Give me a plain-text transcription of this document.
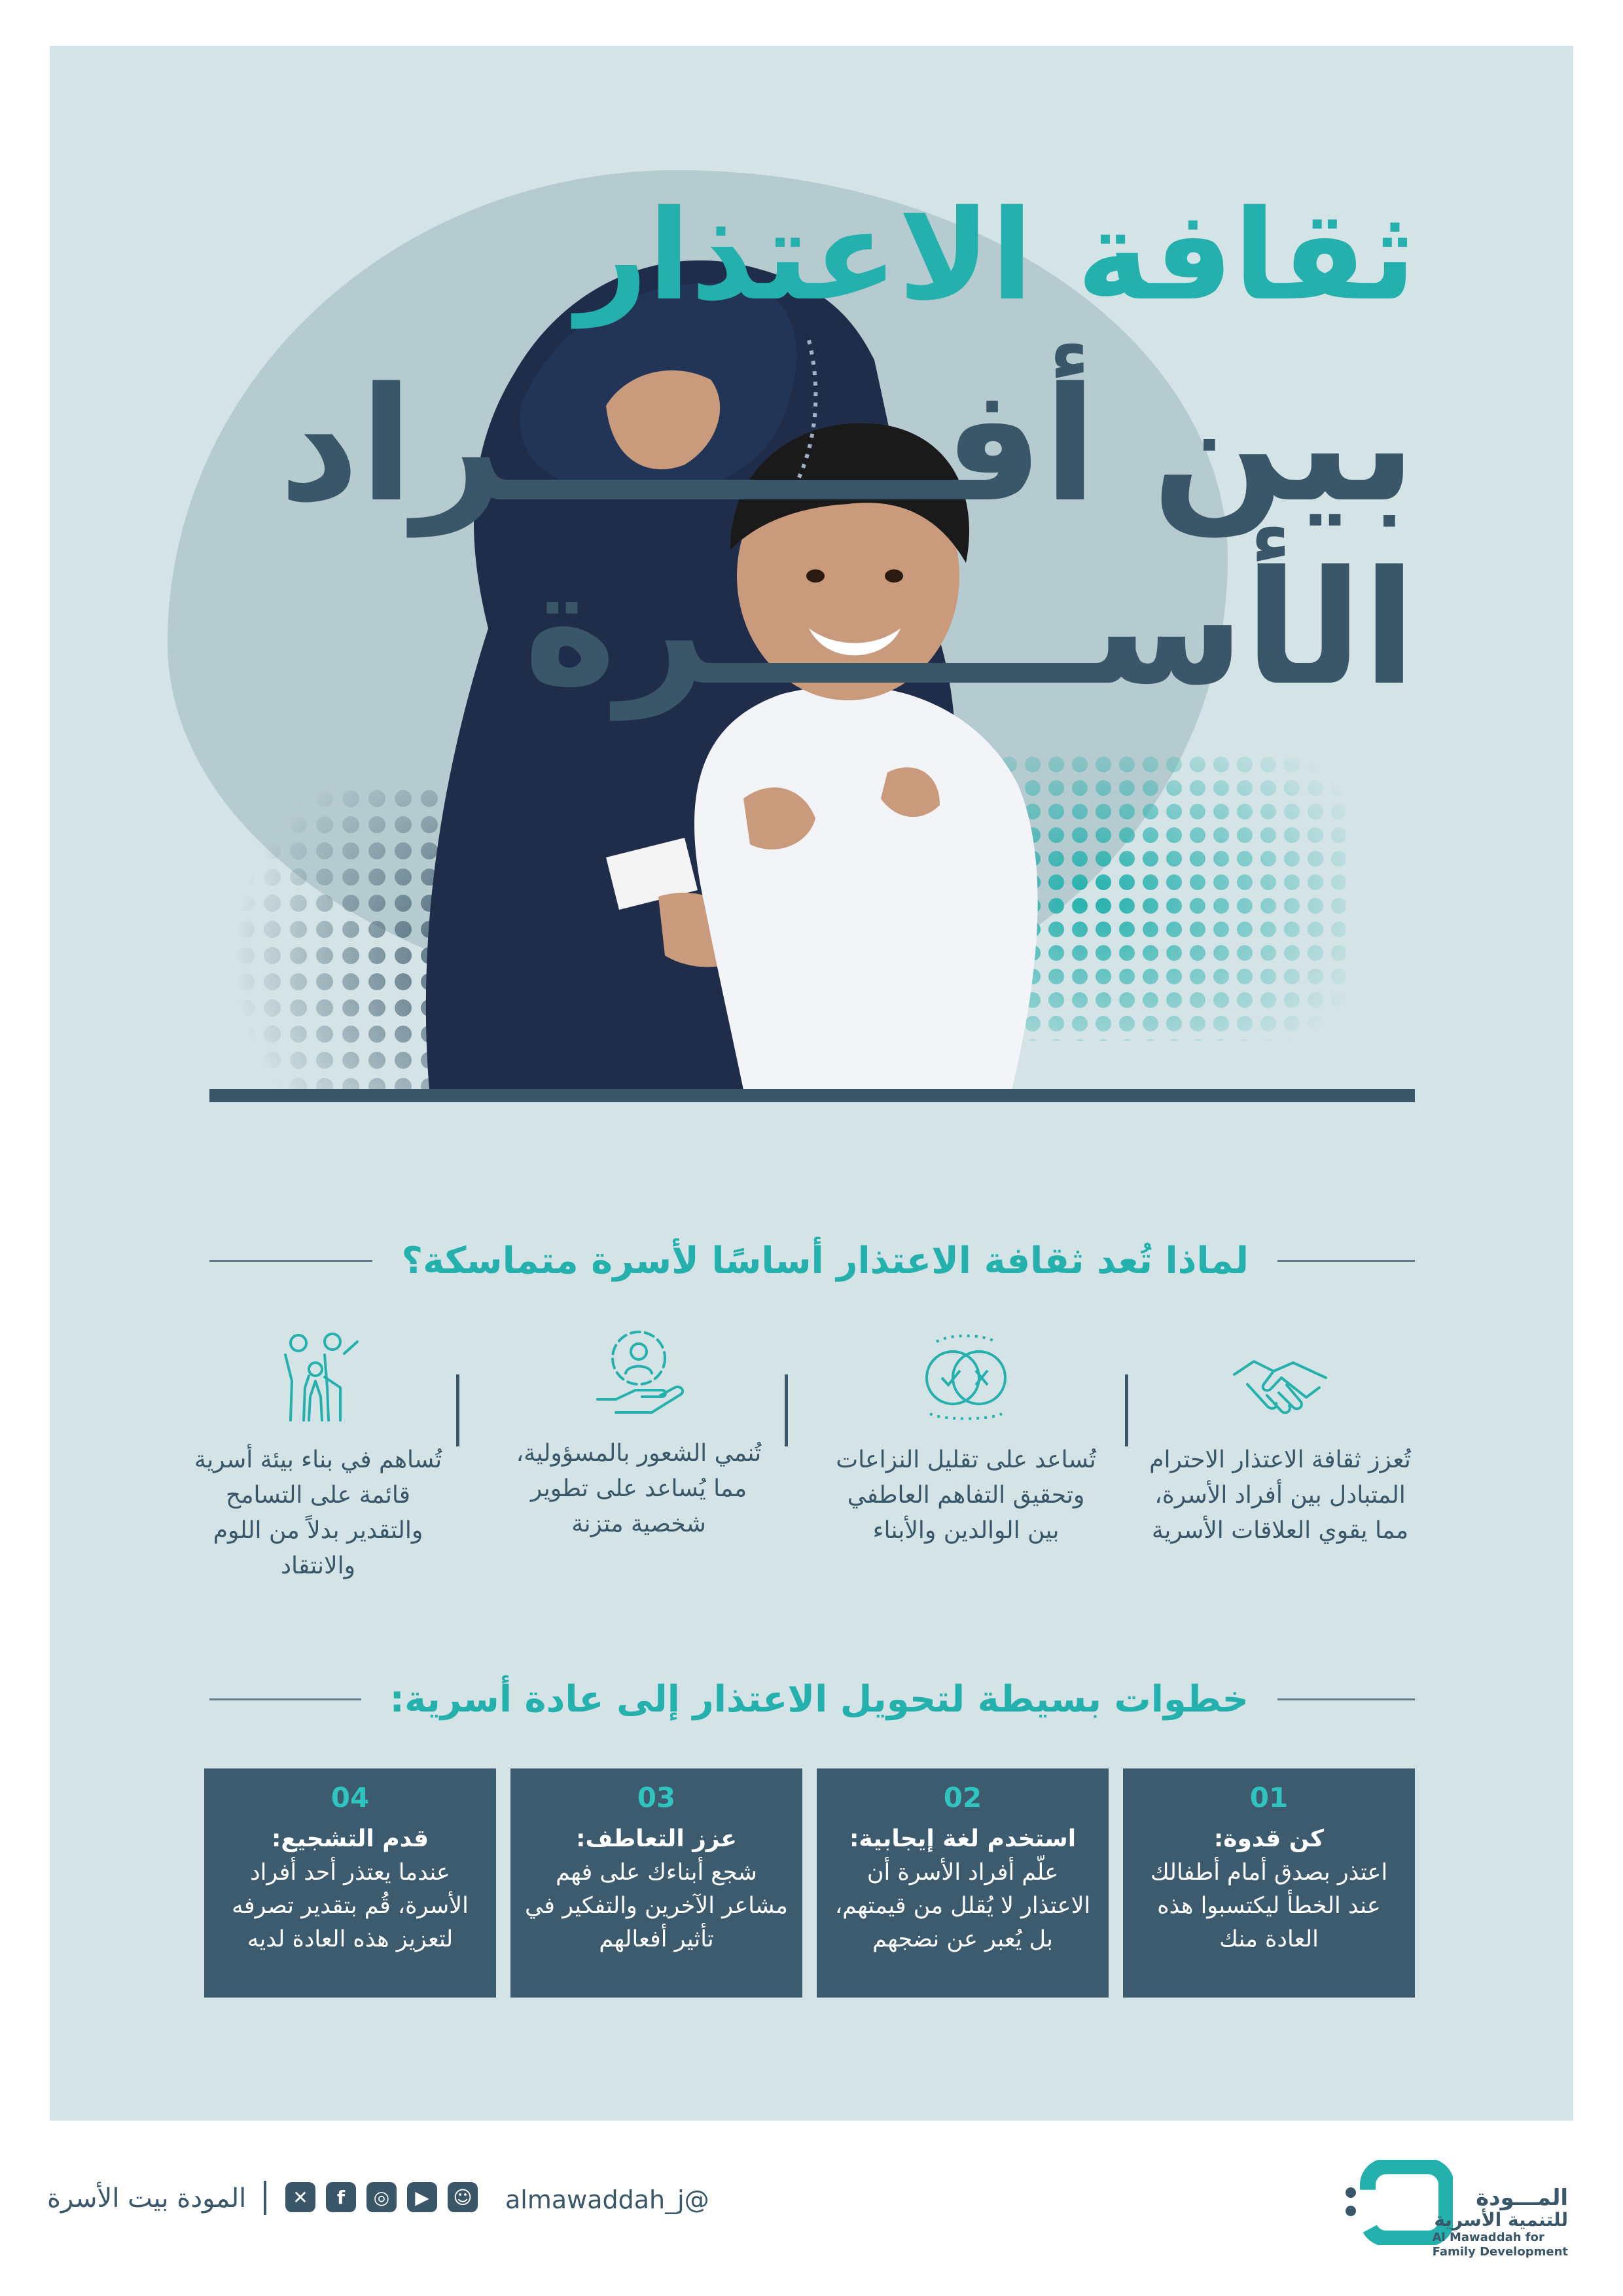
ثقافة الاعتذار
بين أفــــــــراد
الأســـــــرة
لماذا تُعد ثقافة الاعتذار أساسًا لأسرة متماسكة؟
تُعزز ثقافة الاعتذار الاحترام المتبادل بين أفراد الأسرة، مما يقوي العلاقات الأسرية
تُساعد على تقليل النزاعات وتحقيق التفاهم العاطفي بين الوالدين والأبناء
تُنمي الشعور بالمسؤولية، مما يُساعد على تطوير شخصية متزنة
تُساهم في بناء بيئة أسرية قائمة على التسامح والتقدير بدلاً من اللوم والانتقاد
خطوات بسيطة لتحويل الاعتذار إلى عادة أسرية:
01
كن قدوة:
اعتذر بصدق أمام أطفالك عند الخطأ ليكتسبوا هذه العادة منك
02
استخدم لغة إيجابية:
علّم أفراد الأسرة أن الاعتذار لا يُقلل من قيمتهم، بل يُعبر عن نضجهم
03
عزز التعاطف:
شجع أبناءك على فهم مشاعر الآخرين والتفكير في تأثير أفعالهم
04
قدم التشجيع:
عندما يعتذر أحد أفراد الأسرة، قُم بتقدير تصرفه لتعزيز هذه العادة لديه
المـــودة
للتنمية الأسرية
Al Mawaddah for
Family Development
almawaddah_j@
✕	f	◎	▶	☺
المودة بيت الأسرة
